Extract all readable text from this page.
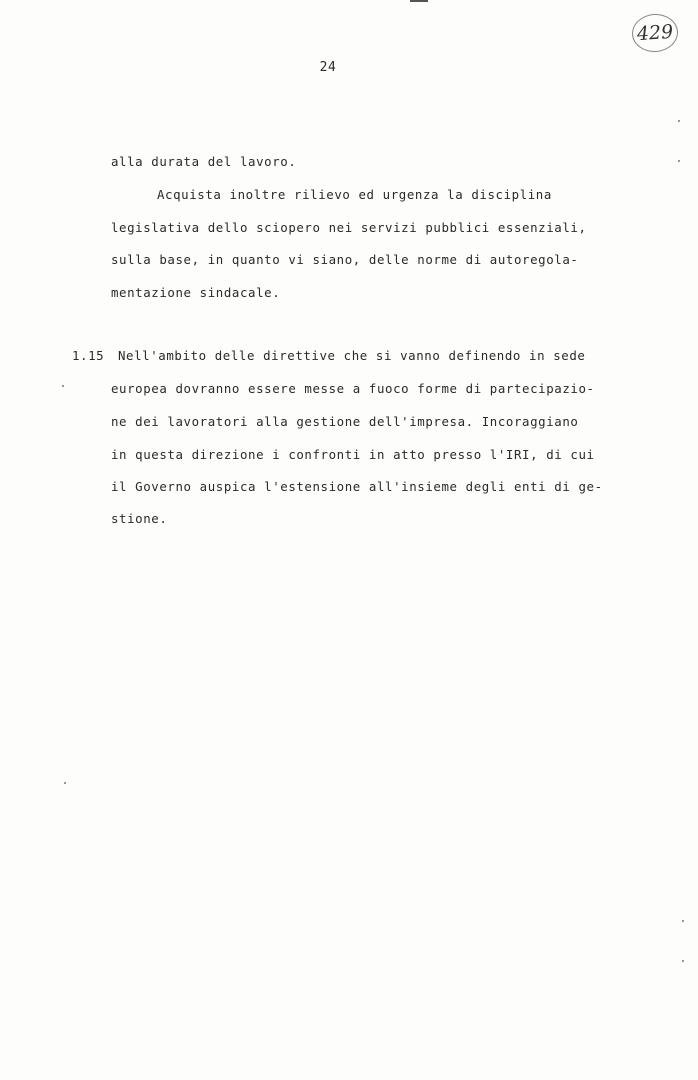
429
24
alla durata del lavoro.
Acquista inoltre rilievo ed urgenza la disciplina
legislativa dello sciopero nei servizi pubblici essenziali,
sulla base, in quanto vi siano, delle norme di autoregola-
mentazione sindacale.
1.15 Nell'ambito delle direttive che si vanno definendo in sede
europea dovranno essere messe a fuoco forme di partecipazio-
ne dei lavoratori alla gestione dell'impresa. Incoraggiano
in questa direzione i confronti in atto presso l'IRI, di cui
il Governo auspica l'estensione all'insieme degli enti di ge-
stione.
